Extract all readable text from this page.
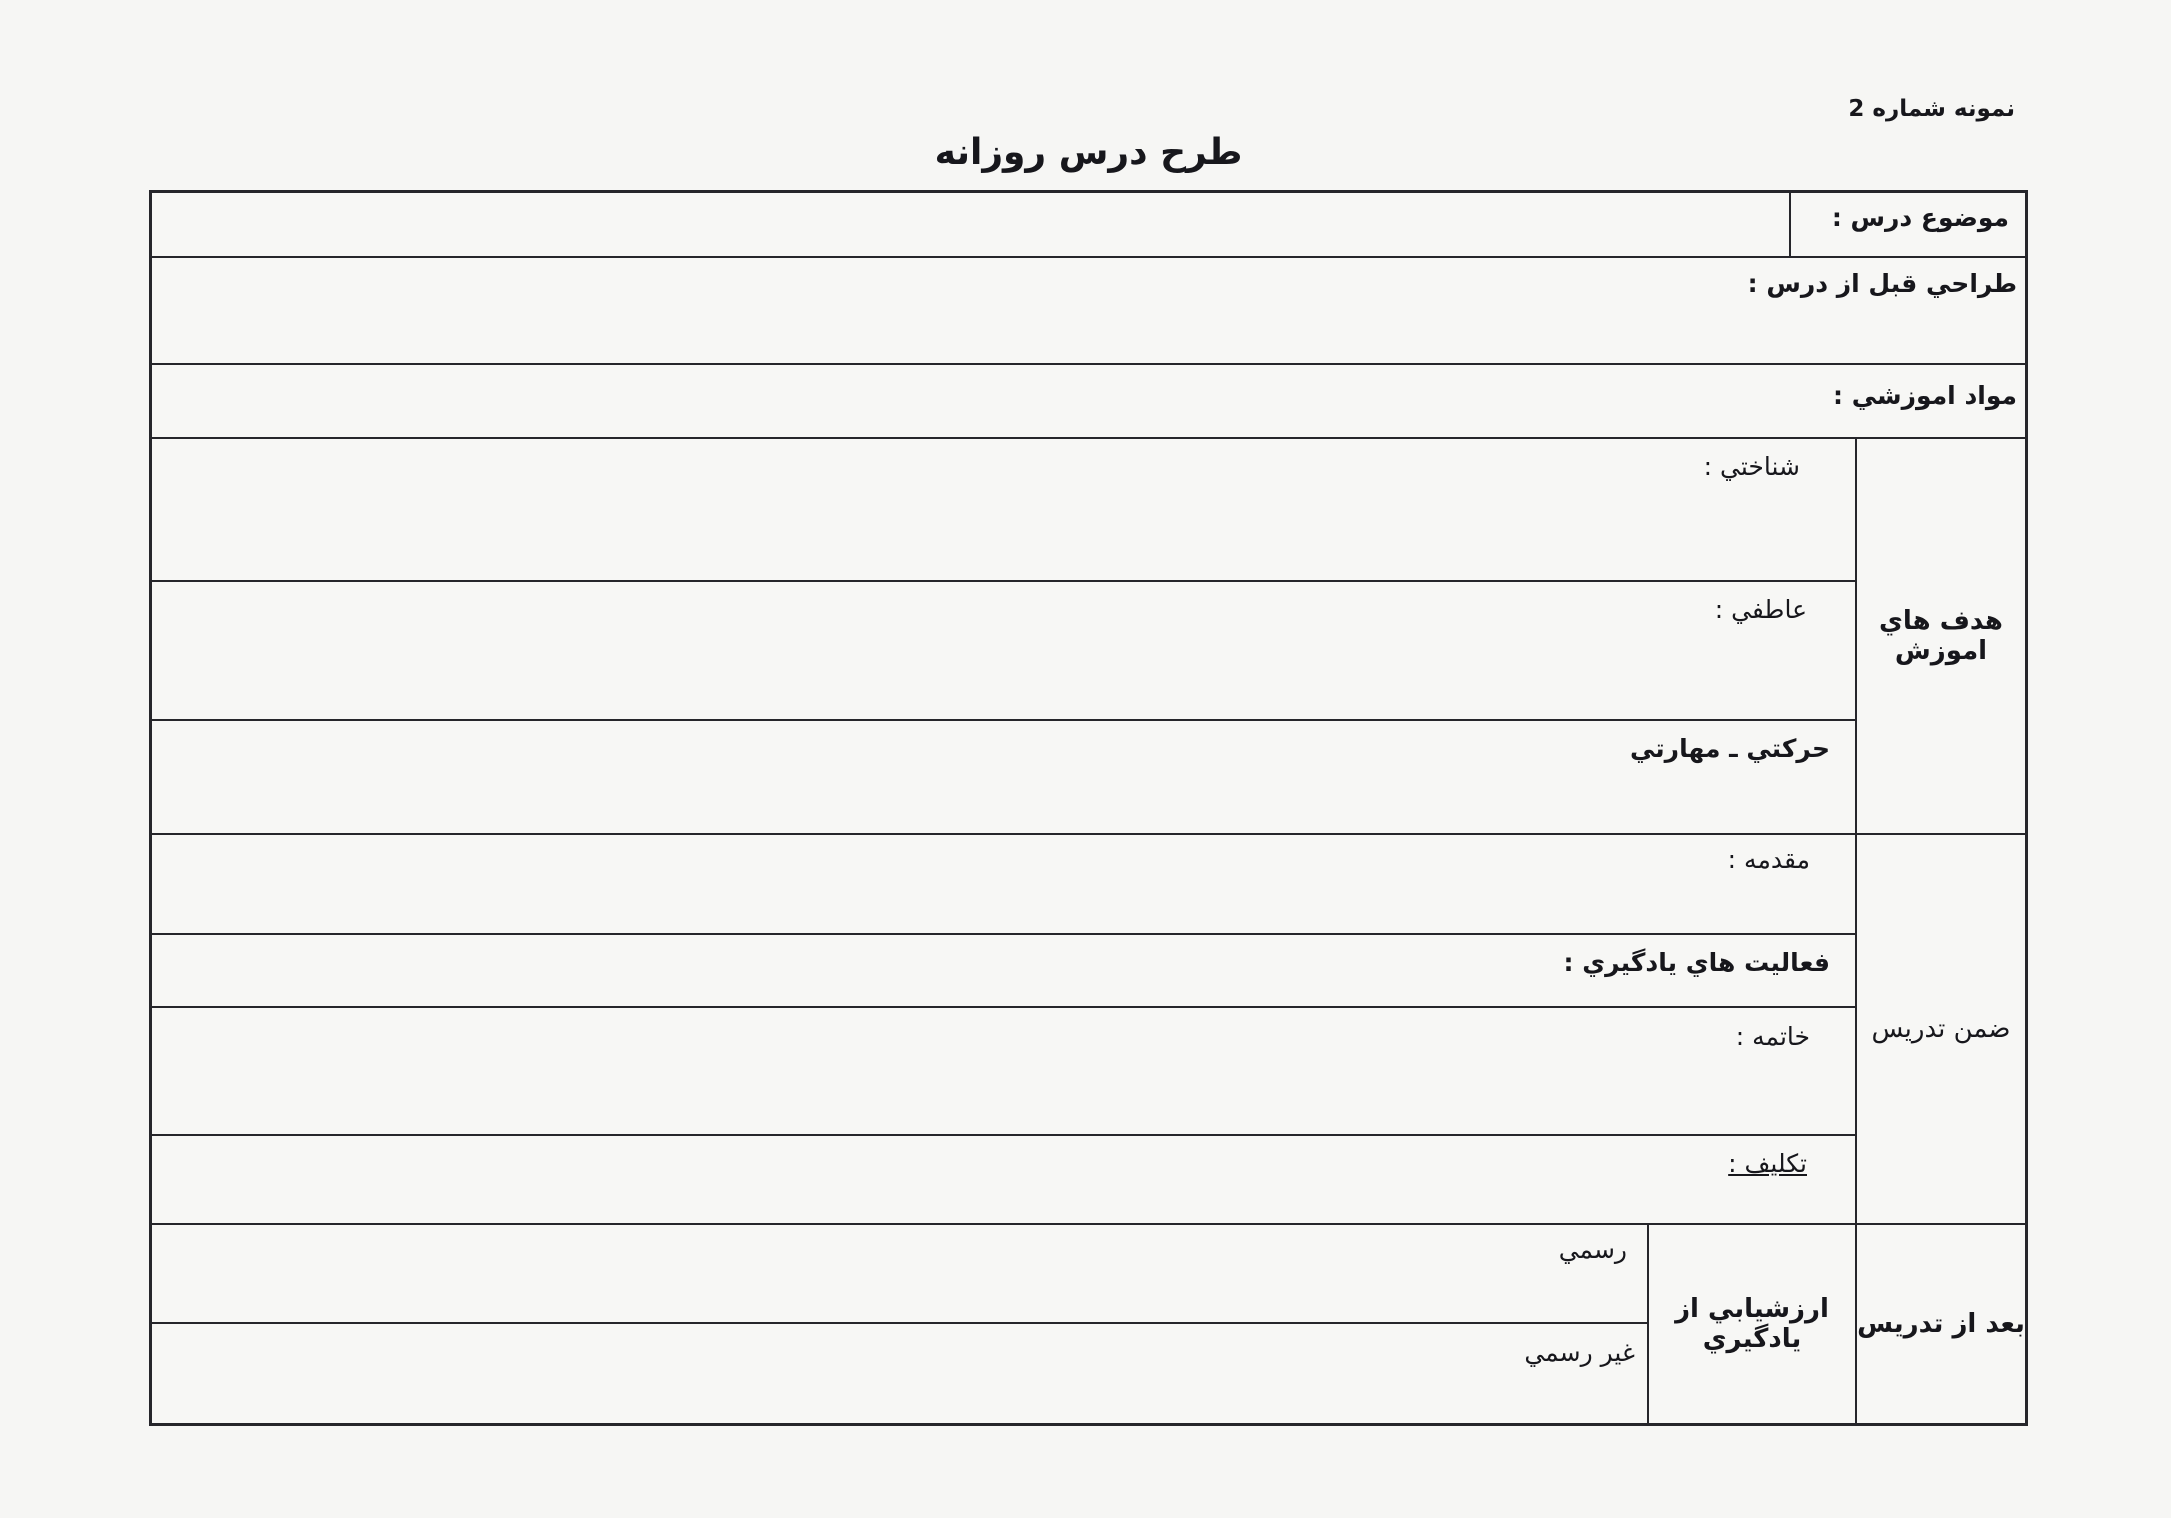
نمونه شماره 2
طرح درس روزانه
موضوع درس :
طراحي قبل از درس :
مواد اموزشي :
هدف هاي اموزش
شناختي :
عاطفي :
حركتي ـ مهارتي
ضمن تدريس
مقدمه :
فعاليت هاي يادگيري :
خاتمه :
تكليف :
بعد از تدريس
ارزشيابي از يادگيري
رسمي
غير رسمي
